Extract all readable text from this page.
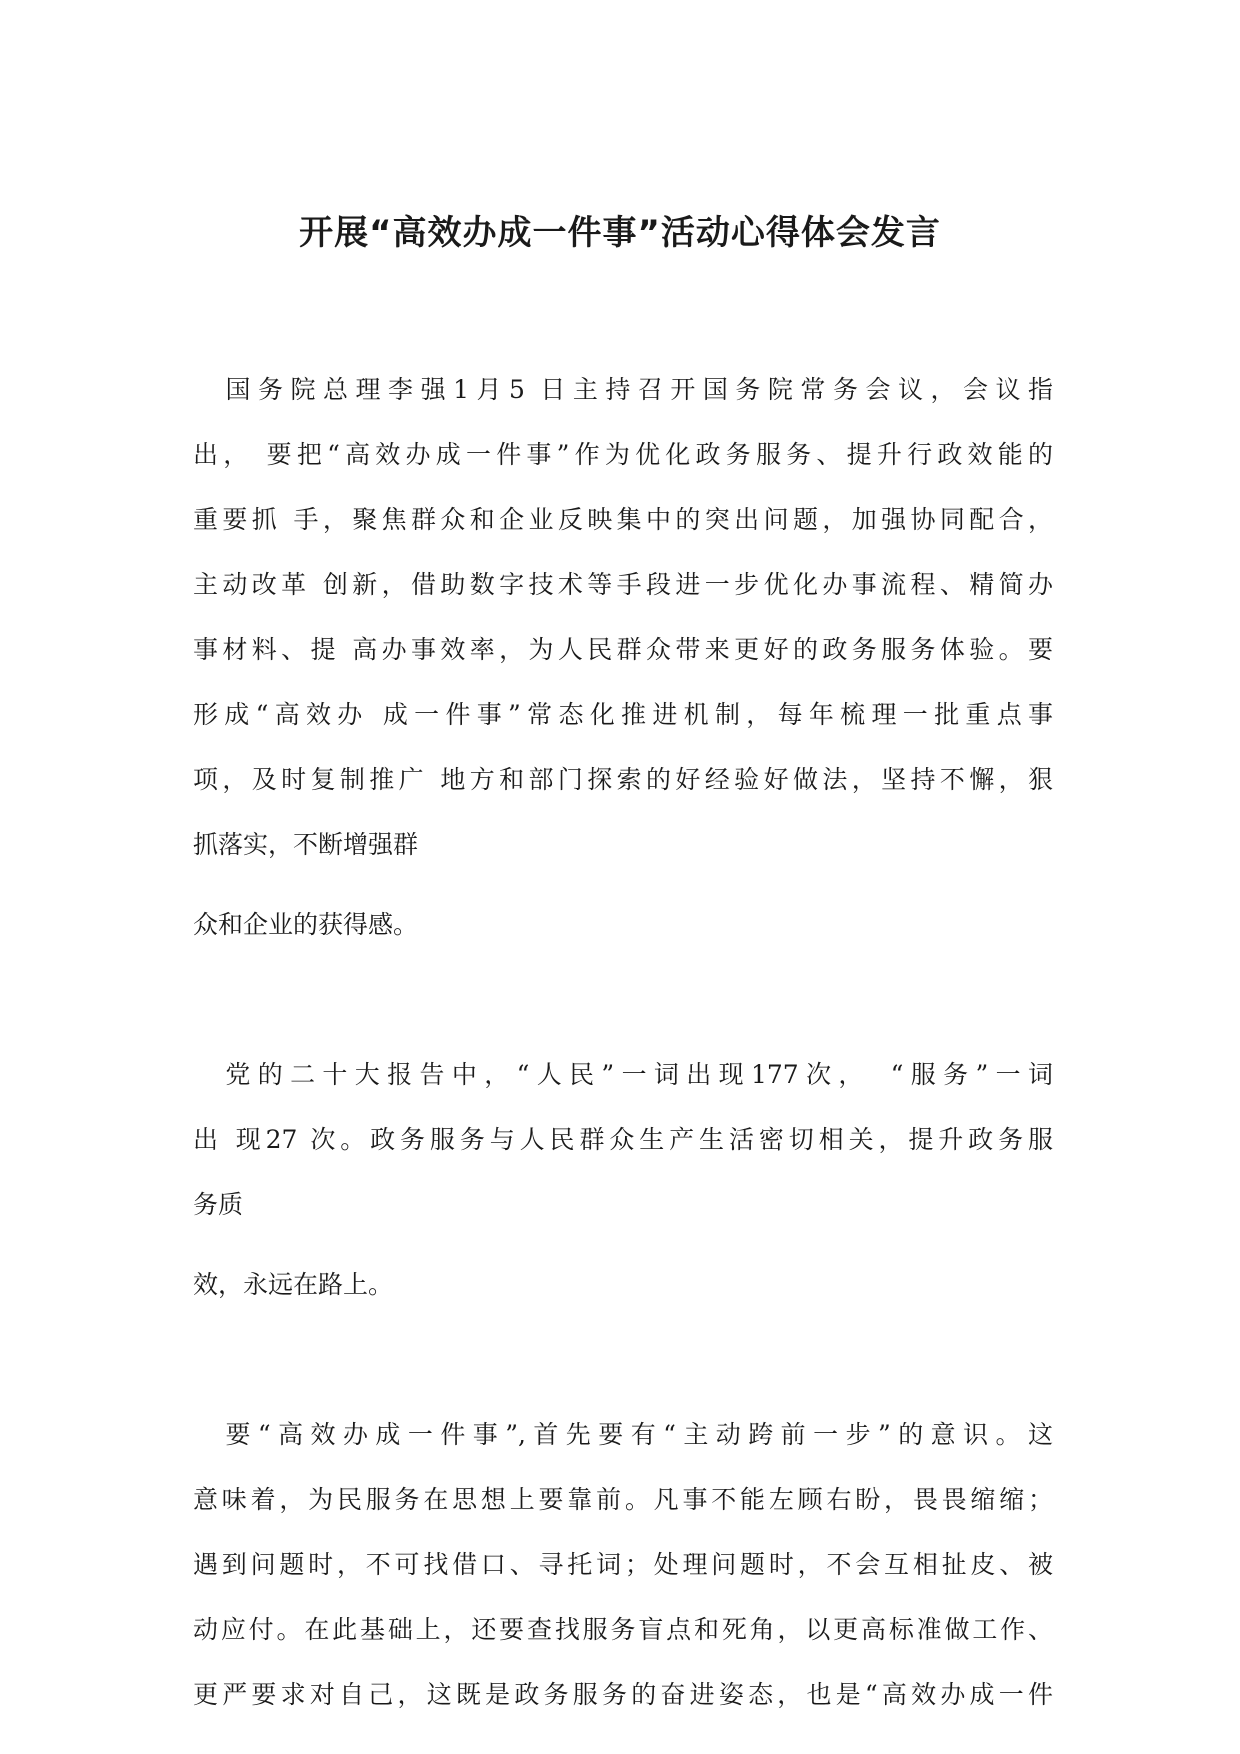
开展“高效办成一件事”活动心得体会发言
　国务院总理李强1月5 日主持召开国务院常务会议，会议指
出， 要把“高效办成一件事”作为优化政务服务、提升行政效能的
重要抓 手，聚焦群众和企业反映集中的突出问题，加强协同配合，
主动改革 创新，借助数字技术等手段进一步优化办事流程、精简办
事材料、提 高办事效率，为人民群众带来更好的政务服务体验。要
形成“高效办 成一件事”常态化推进机制，每年梳理一批重点事
项，及时复制推广 地方和部门探索的好经验好做法，坚持不懈，狠
抓落实，不断增强群
众和企业的获得感。
　党的二十大报告中，“人民”一词出现177次，　“服务”一词
出 现27 次。政务服务与人民群众生产生活密切相关，提升政务服
务质
效，永远在路上。
　要“高效办成一件事”,首先要有“主动跨前一步”的意识。这
意味着，为民服务在思想上要靠前。凡事不能左顾右盼，畏畏缩缩；
遇到问题时，不可找借口、寻托词；处理问题时，不会互相扯皮、被
动应付。在此基础上，还要查找服务盲点和死角，以更高标准做工作、
更严要求对自己，这既是政务服务的奋进姿态，也是“高效办成一件
